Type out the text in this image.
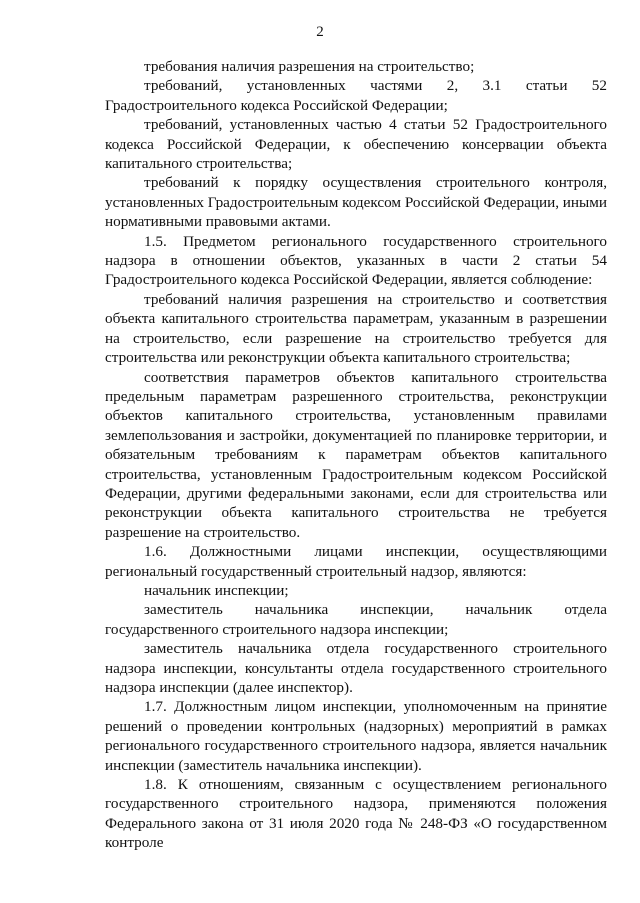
2

требования наличия разрешения на строительство;

требований, установленных частями 2, 3.1 статьи 52 Градостроительного кодекса Российской Федерации;

требований, установленных частью 4 статьи 52 Градостроительного кодекса Российской Федерации, к обеспечению консервации объекта капитального строительства;

требований к порядку осуществления строительного контроля, установленных Градостроительным кодексом Российской Федерации, иными нормативными правовыми актами.

1.5. Предметом регионального государственного строительного надзора в отношении объектов, указанных в части 2 статьи 54 Градостроительного кодекса Российской Федерации, является соблюдение:

требований наличия разрешения на строительство и соответствия объекта капитального строительства параметрам, указанным в разрешении на строительство, если разрешение на строительство требуется для строительства или реконструкции объекта капитального строительства;

соответствия параметров объектов капитального строительства предельным параметрам разрешенного строительства, реконструкции объектов капитального строительства, установленным правилами землепользования и застройки, документацией по планировке территории, и обязательным требованиям к параметрам объектов капитального строительства, установленным Градостроительным кодексом Российской Федерации, другими федеральными законами, если для строительства или реконструкции объекта капитального строительства не требуется разрешение на строительство.

1.6. Должностными лицами инспекции, осуществляющими региональный государственный строительный надзор, являются:

начальник инспекции;

заместитель начальника инспекции, начальник отдела государственного строительного надзора инспекции;

заместитель начальника отдела государственного строительного надзора инспекции, консультанты отдела государственного строительного надзора инспекции (далее инспектор).

1.7. Должностным лицом инспекции, уполномоченным на принятие решений о проведении контрольных (надзорных) мероприятий в рамках регионального государственного строительного надзора, является начальник инспекции (заместитель начальника инспекции).

1.8. К отношениям, связанным с осуществлением регионального государственного строительного надзора, применяются положения Федерального закона от 31 июля 2020 года № 248-ФЗ «О государственном контроле
